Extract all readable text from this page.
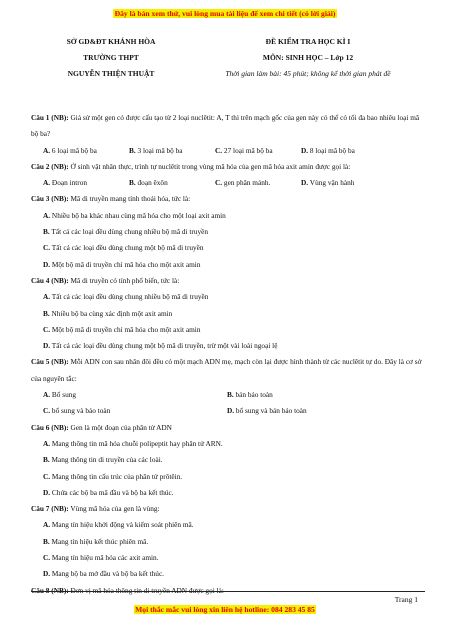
Đây là bản xem thử, vui lòng mua tài liệu để xem chi tiết (có lời giải)
SỞ GD&ĐT KHÁNH HÒA
TRƯỜNG THPT
NGUYỄN THIỆN THUẬT
ĐỀ KIỂM TRA HỌC KÌ I
MÔN: SINH HỌC – Lớp 12
Thời gian làm bài: 45 phút; không kể thời gian phát đề
Câu 1 (NB): Giả sử một gen có được cấu tạo từ 2 loại nuclêtit: A, T thì trên mạch gốc của gen này có thể có tối đa bao nhiêu loại mã bộ ba?
A. 6 loại mã bộ ba	B. 3 loại mã bộ ba	C. 27 loại mã bộ ba	D. 8 loại mã bộ ba
Câu 2 (NB): Ở sinh vật nhân thực, trình tự nuclêtit trong vùng mã hóa của gen mã hóa axit amin được gọi là:
A. Đoạn intron	B. đoạn êxôn	C. gen phân mảnh.	D. Vùng vận hành
Câu 3 (NB): Mã di truyền mang tính thoái hóa, tức là:
A. Nhiều bộ ba khác nhau cùng mã hóa cho một loại axit amin
B. Tất cả các loại đều dùng chung nhiều bộ mã di truyền
C. Tất cả các loại đều dùng chung một bộ mã di truyền
D. Một bộ mã di truyền chỉ mã hóa cho một axit amin
Câu 4 (NB): Mã di truyền có tính phổ biến, tức là:
A. Tất cả các loại đều dùng chung nhiều bộ mã di truyền
B. Nhiều bộ ba cùng xác định một axit amin
C. Một bộ mã di truyền chỉ mã hóa cho một axit amin
D. Tất cả các loại đều dùng chung một bộ mã di truyền, trừ một vài loài ngoại lệ
Câu 5 (NB): Mỗi ADN con sau nhân đôi đều có một mạch ADN mẹ, mạch còn lại được hình thành từ các nuclêtit tự do. Đây là cơ sở của nguyên tắc:
A. Bổ sung	B. bán bảo toàn
C. bổ sung và bảo toàn	D. bổ sung và bán bảo toàn
Câu 6 (NB): Gen là một đoạn của phân tử ADN
A. Mang thông tin mã hóa chuỗi polipeptit hay phân tử ARN.
B. Mang thông tin di truyền của các loài.
C. Mang thông tin cấu trúc của phân tử prôtêin.
D. Chứa các bộ ba mã đầu và bộ ba kết thúc.
Câu 7 (NB): Vùng mã hóa của gen là vùng:
A. Mang tín hiệu khởi động và kiểm soát phiên mã.
B. Mang tín hiệu kết thúc phiên mã.
C. Mang tín hiệu mã hóa các axit amin.
D. Mang bộ ba mở đầu và bộ ba kết thúc.
Câu 8 (NB): Đơn vị mã hóa thông tin di truyền ADN được gọi là:
Trang 1
Mọi thắc mắc vui lòng xin liên hệ hotline: 084 283 45 85
